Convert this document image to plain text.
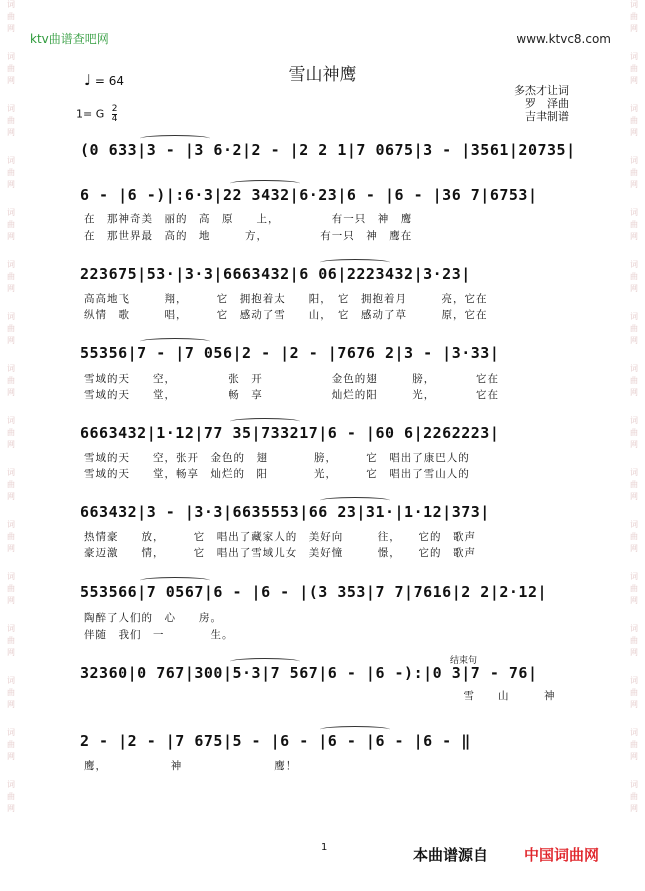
词
曲
网
词
曲
网
词
曲
网
词
曲
网
词
曲
网
词
曲
网
词
曲
网
词
曲
网
词
曲
网
词
曲
网
词
曲
网
词
曲
网
词
曲
网
词
曲
网
词
曲
网
词
曲
网
词
曲
网
词
曲
网
词
曲
网
词
曲
网
词
曲
网
词
曲
网
词
曲
网
词
曲
网
词
曲
网
词
曲
网
词
曲
网
词
曲
网
词
曲
网
词
曲
网
词
曲
网
词
曲
网
ktv曲谱查吧网	www.ktvc8.com
雪山神鹰
♩ = 64
1= G $\frac{2}{4}$
多杰才让词
罗　泽曲
吉聿制谱
(0 633|3 - |3 6·2|2 - |2 2 1|7 0675|3 - |3561|20735|
6 - |6 -)|:6·3|22 3432|6·23|6 - |6 - |36 7|6753|
在　那神奇美　丽的　高　原　　上，　　　　　有一只　神　鹰
在　那世界最　高的　地　　　方，　　　　　有一只　神　鹰在
223675|53·|3·3|6663432|6 06|2223432|3·23|
高高地飞　　　翔，　　　它　拥抱着太　　阳，　它　拥抱着月　　　亮，它在
纵情　歌　　　唱，　　　它　感动了雪　　山，　它　感动了草　　　原，它在
55356|7 - |7 056|2 - |2 - |7676 2|3 - |3·33|
雪域的天　　空，　　　　　张　开　　　　　　金色的翅　　　膀，　　　　它在
雪域的天　　堂，　　　　　畅　享　　　　　　灿烂的阳　　　光，　　　　它在
6663432|1·12|77 35|733217|6 - |60 6|2262223|
雪域的天　　空，张开　金色的　翅　　　　膀，　　　它　唱出了康巴人的
雪域的天　　堂，畅享　灿烂的　阳　　　　光，　　　它　唱出了雪山人的
663432|3 - |3·3|6635553|66 23|31·|1·12|373|
热情豪　　放，　　　它　唱出了藏家人的　美好向　　　往，　　它的　歌声
豪迈激　　情，　　　它　唱出了雪域儿女　美好憧　　　憬，　　它的　歌声
553566|7 0567|6 - |6 - |(3 353|7 7|7616|2 2|2·12|
陶醉了人们的　心　　房。
伴随　我们　一　　　　生。
32360|0 767|300|5·3|7 567|6 - |6 -):|0 3|7 - 76|
　　　　　　　　　　　　　　　　　　　　　　　　　　　　　　　　　雪　　山　　　神
2 - |2 - |7 675|5 - |6 - |6 - |6 - |6 - ‖
鹰，　　　　　　神　　　　　　　　鹰！
结束句
1	本曲谱源自 中国词曲网
